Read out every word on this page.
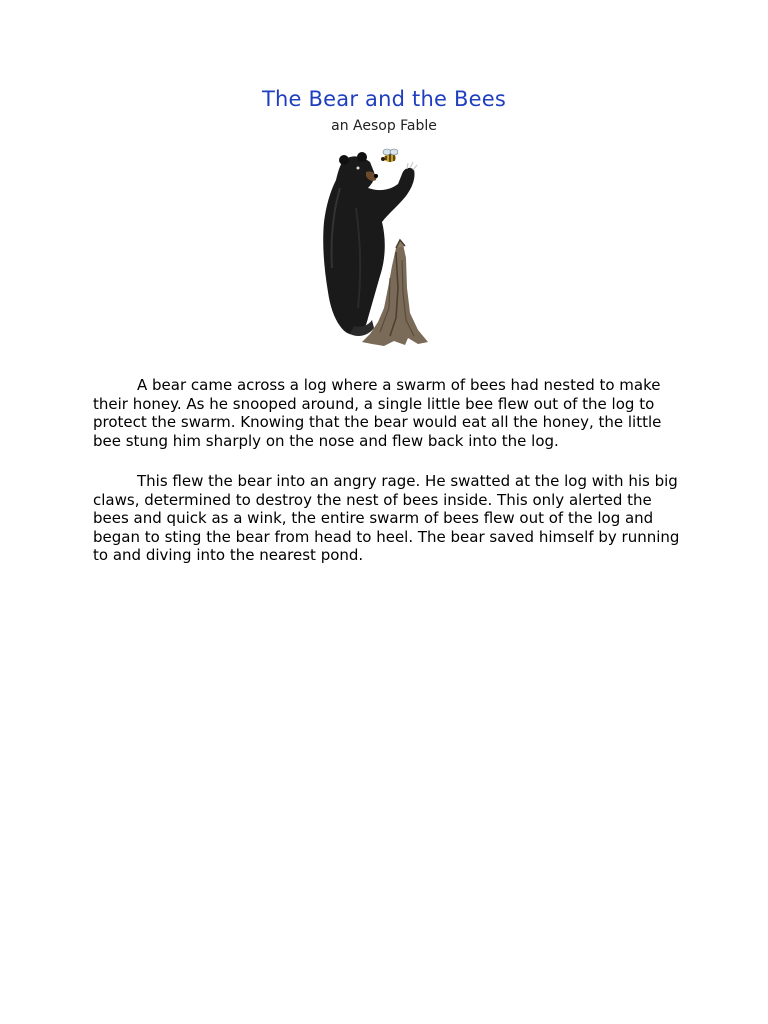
The Bear and the Bees
an Aesop Fable

A bear came across a log where a swarm of bees had nested to make their honey. As he snooped around, a single little bee flew out of the log to protect the swarm. Knowing that the bear would eat all the honey, the little bee stung him sharply on the nose and flew back into the log.

This flew the bear into an angry rage. He swatted at the log with his big claws, determined to destroy the nest of bees inside. This only alerted the bees and quick as a wink, the entire swarm of bees flew out of the log and began to sting the bear from head to heel. The bear saved himself by running to and diving into the nearest pond.
